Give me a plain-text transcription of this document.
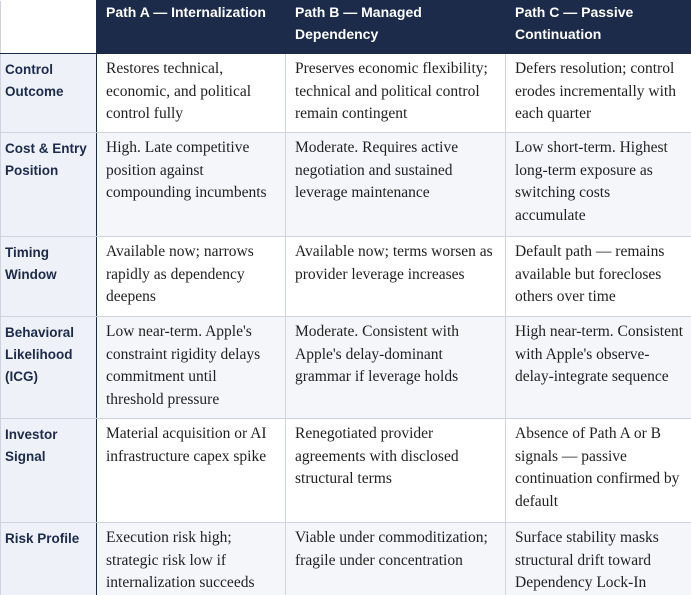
	Path A — Internalization	Path B — Managed Dependency	Path C — Passive Continuation
Control Outcome	Restores technical, economic, and political control fully	Preserves economic flexibility; technical and political control remain contingent	Defers resolution; control erodes incrementally with each quarter
Cost & Entry Position	High. Late competitive position against compounding incumbents	Moderate. Requires active negotiation and sustained leverage maintenance	Low short-term. Highest long-term exposure as switching costs accumulate
Timing Window	Available now; narrows rapidly as dependency deepens	Available now; terms worsen as provider leverage increases	Default path — remains available but forecloses others over time
Behavioral Likelihood (ICG)	Low near-term. Apple's constraint rigidity delays commitment until threshold pressure	Moderate. Consistent with Apple's delay-dominant grammar if leverage holds	High near-term. Consistent with Apple's observe-delay-integrate sequence
Investor Signal	Material acquisition or AI infrastructure capex spike	Renegotiated provider agreements with disclosed structural terms	Absence of Path A or B signals — passive continuation confirmed by default
Risk Profile	Execution risk high; strategic risk low if internalization succeeds	Viable under commoditization; fragile under concentration	Surface stability masks structural drift toward Dependency Lock-In
